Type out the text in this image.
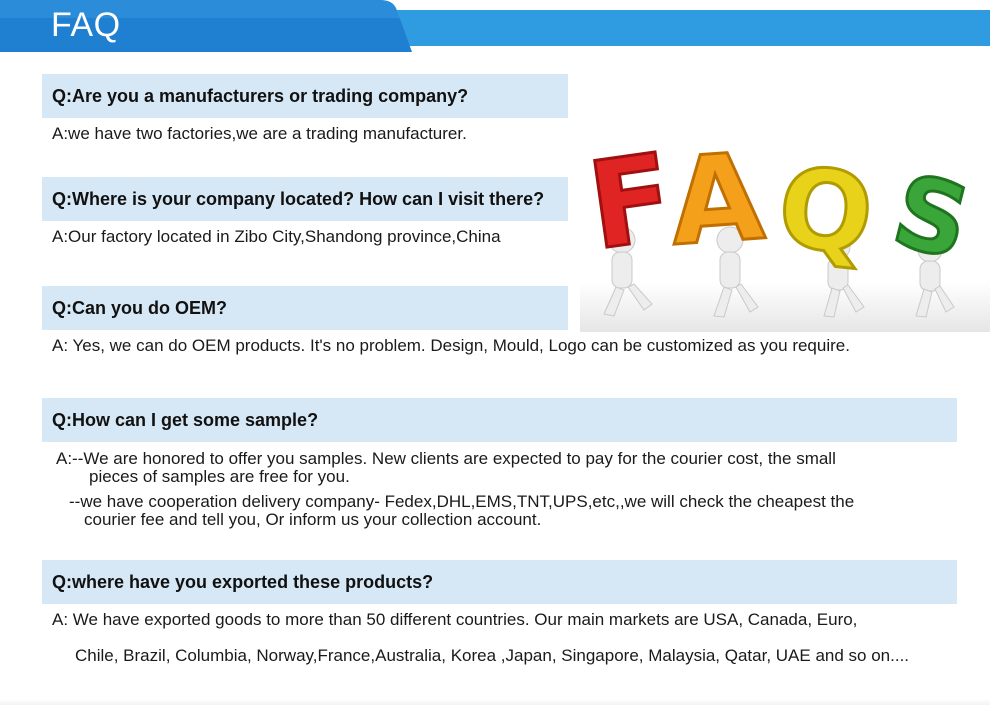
FAQ
Q:Are you a manufacturers or trading company?
A:we have two factories,we are a trading manufacturer.
Q:Where is your company located? How can I visit there?
A:Our factory located in Zibo City,Shandong province,China
Q:Can you do OEM?
A: Yes, we can do OEM products. It's no problem. Design, Mould, Logo can be customized as you require.
Q:How can I get some sample?
A:--We are honored to offer you samples. New clients are expected to pay for the courier cost, the small
pieces of samples are free for you.
--we have cooperation delivery company- Fedex,DHL,EMS,TNT,UPS,etc,,we will check the cheapest the
courier fee and tell you, Or inform us your collection account.
Q:where have you exported these products?
A: We have exported goods to more than 50 different countries. Our main markets are USA, Canada, Euro,
Chile, Brazil, Columbia, Norway,France,Australia, Korea ,Japan, Singapore, Malaysia, Qatar, UAE and so on....
F
A Q S
